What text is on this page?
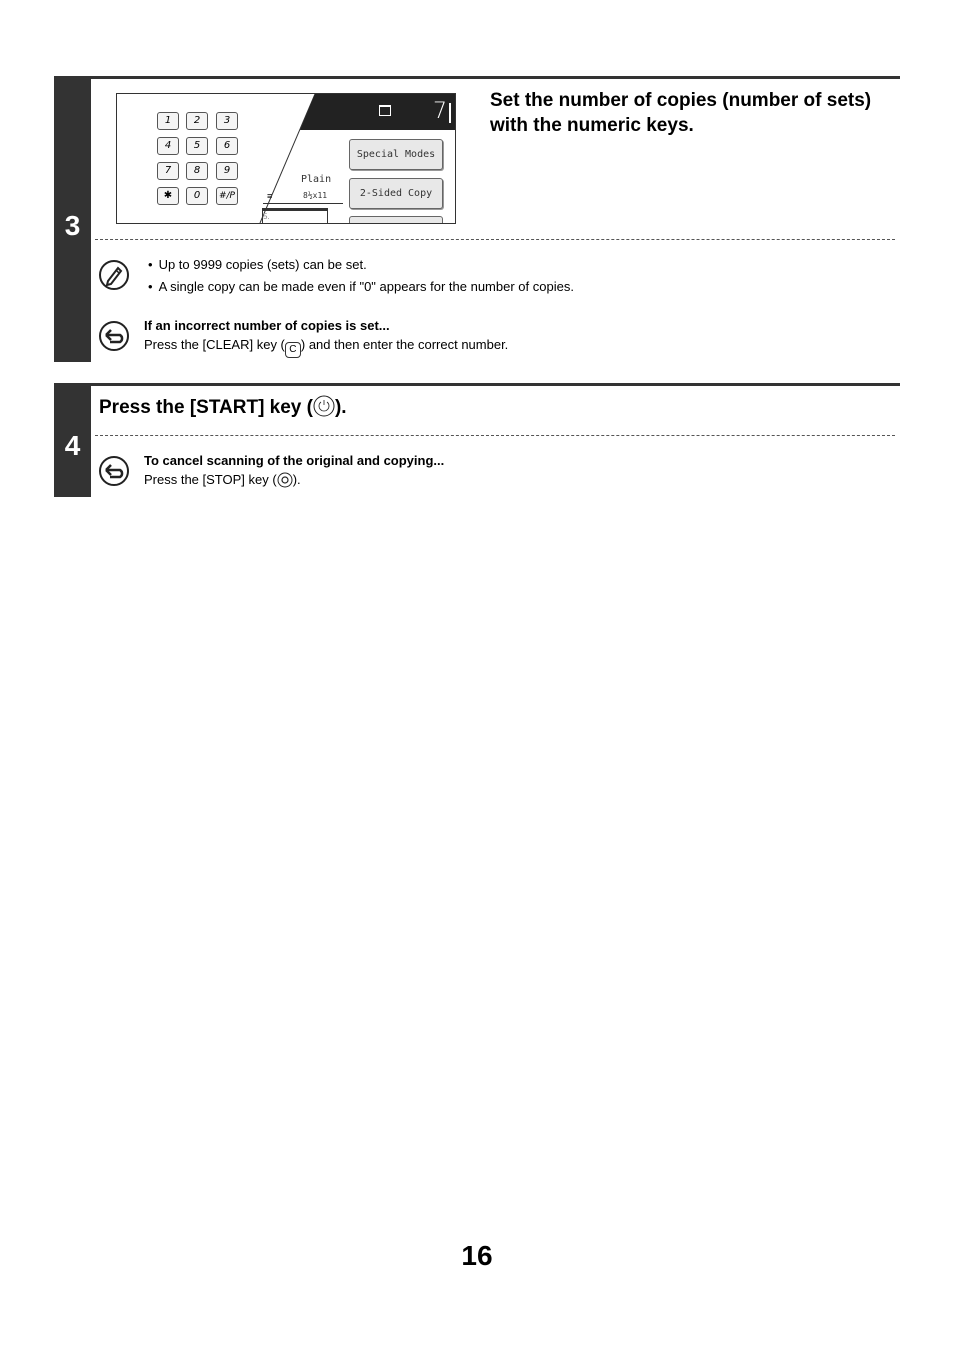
3
1	2	3
4	5	6
7	8	9
✱	0	#/P
7
Special Modes
2-Sided Copy
Plain
≡	8½x11
5.
Set the number of copies (number of sets) with the numeric keys.
• Up to 9999 copies (sets) can be set.
• A single copy can be made even if "0" appears for the number of copies.
If an incorrect number of copies is set...
Press the [CLEAR] key ( C ) and then enter the correct number.
4
Press the [START] key ( ).
To cancel scanning of the original and copying...
Press the [STOP] key ( ).
16
